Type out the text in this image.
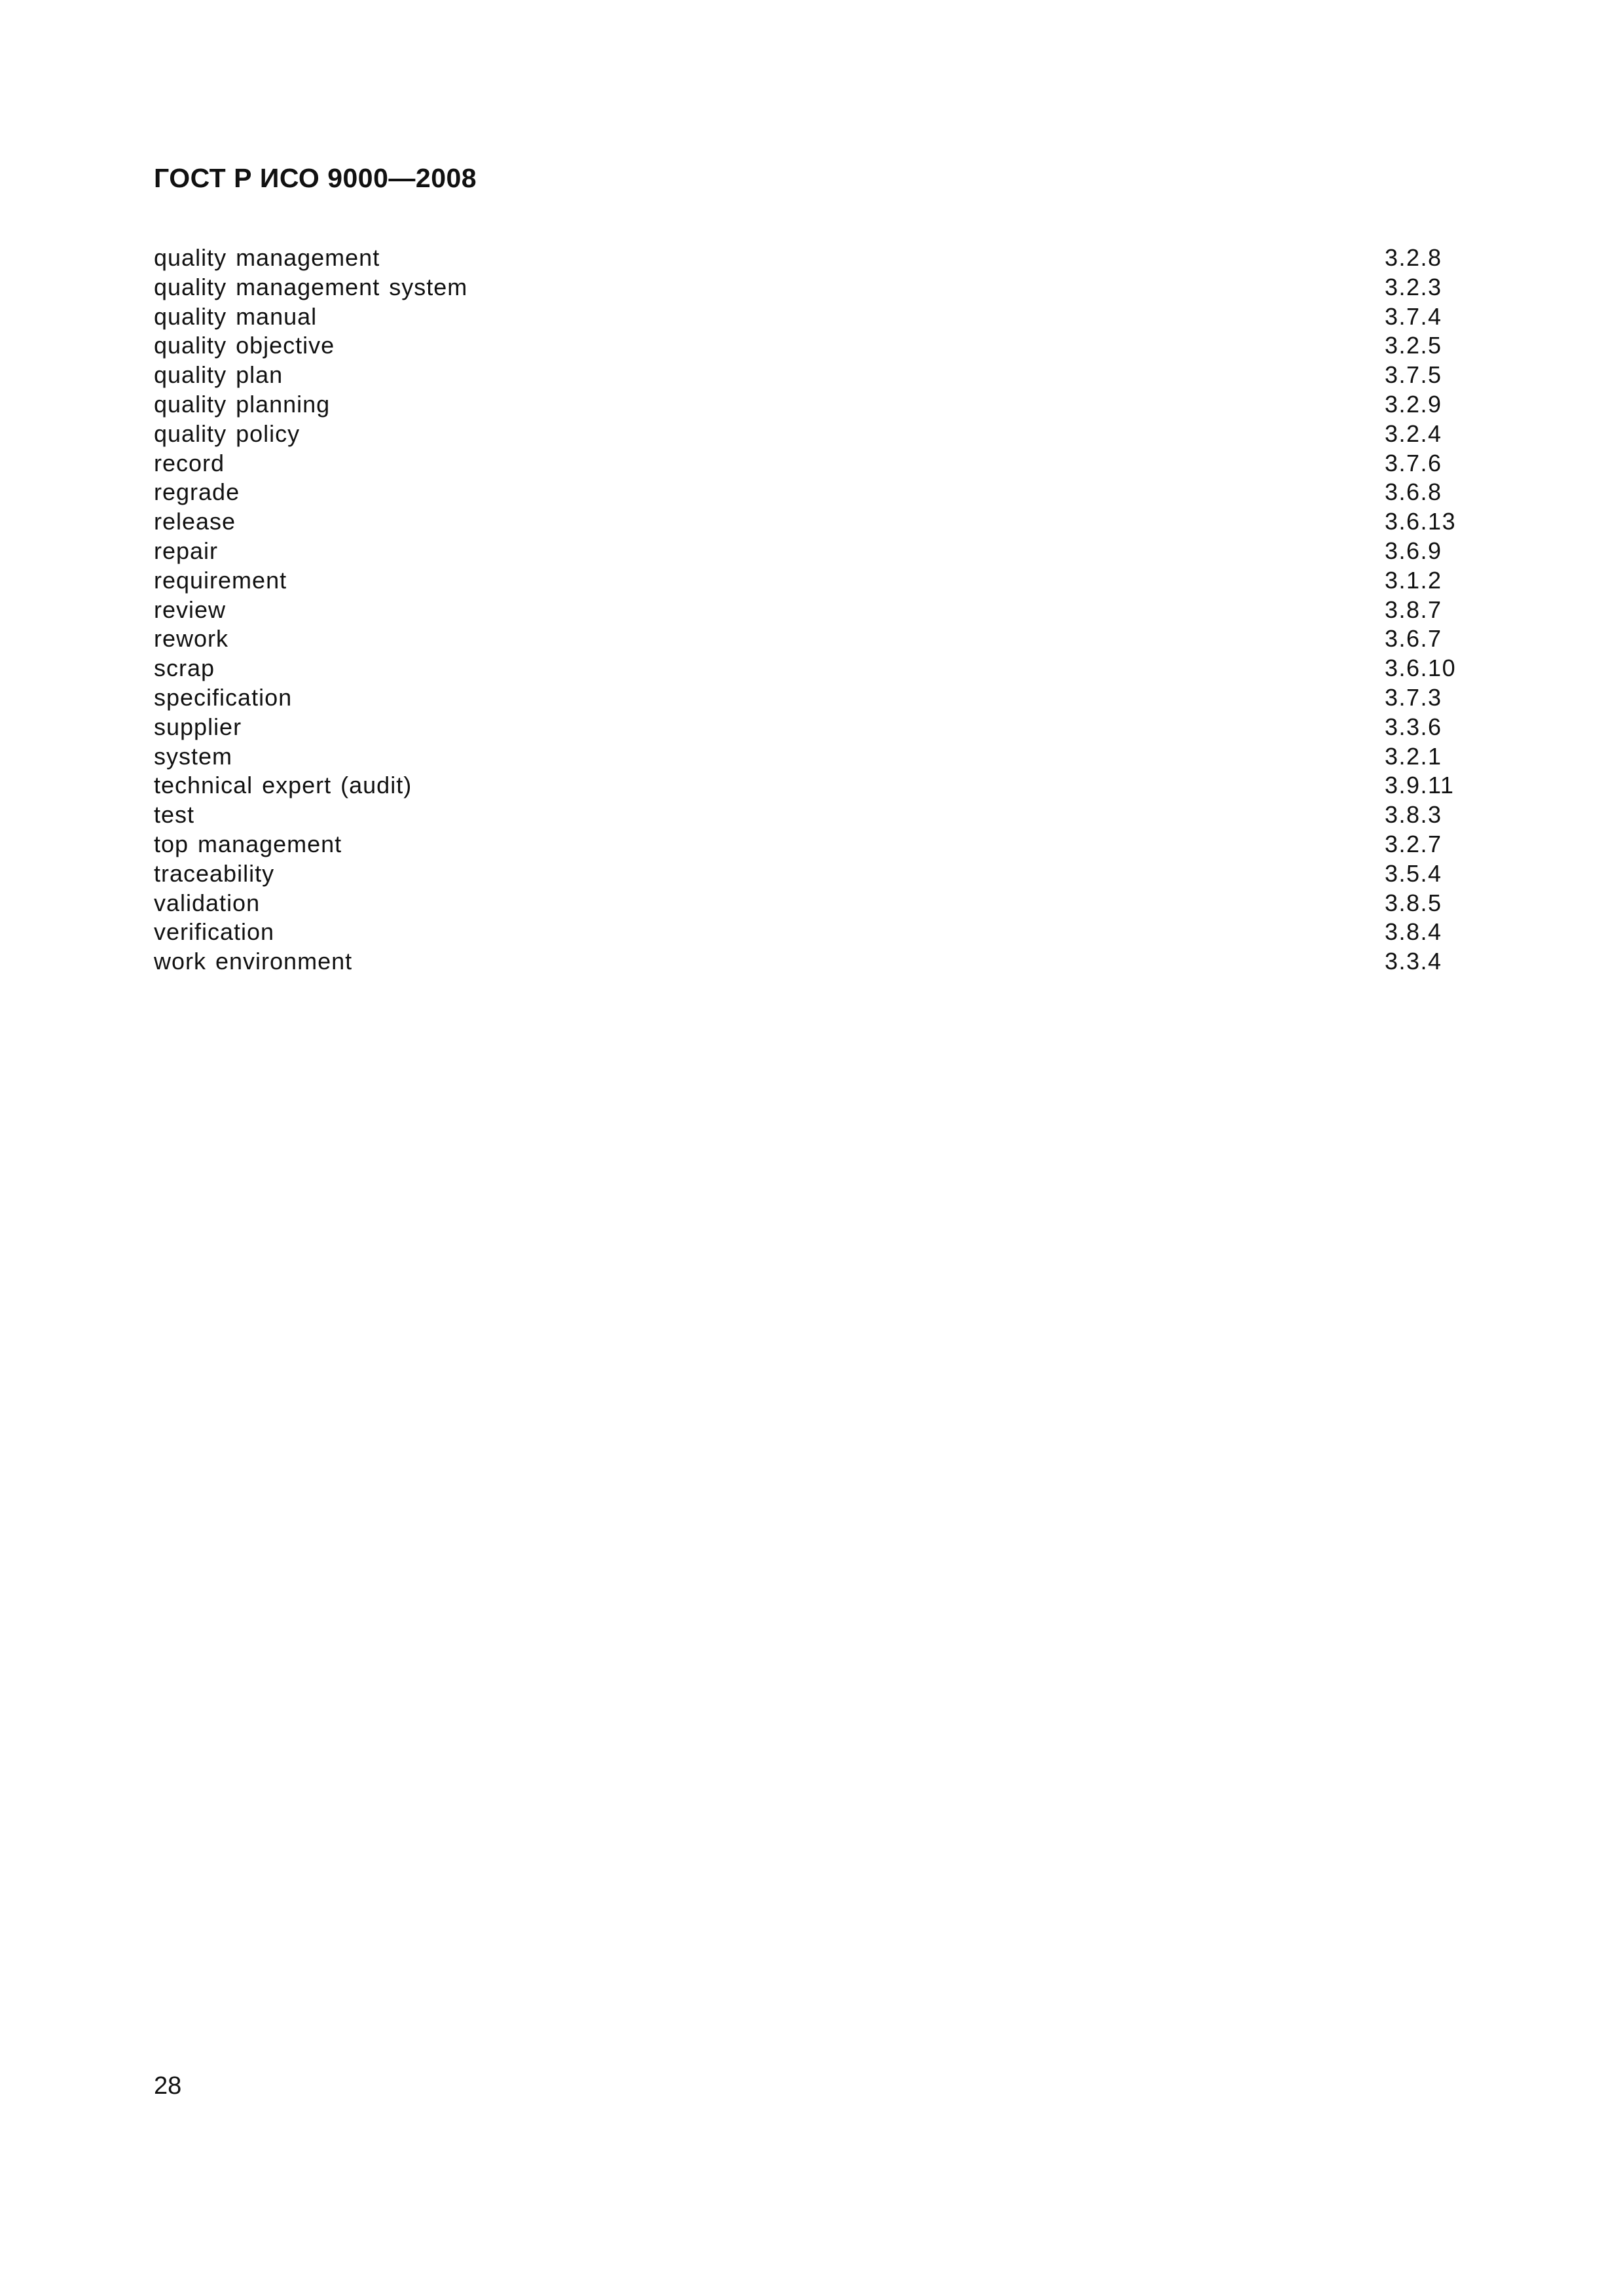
ГОСТ Р ИСО 9000—2008
quality management	3.2.8
quality management system	3.2.3
quality manual	3.7.4
quality objective	3.2.5
quality plan	3.7.5
quality planning	3.2.9
quality policy	3.2.4
record	3.7.6
regrade	3.6.8
release	3.6.13
repair	3.6.9
requirement	3.1.2
review	3.8.7
rework	3.6.7
scrap	3.6.10
specification	3.7.3
supplier	3.3.6
system	3.2.1
technical expert (audit)	3.9.11
test	3.8.3
top management	3.2.7
traceability	3.5.4
validation	3.8.5
verification	3.8.4
work environment	3.3.4
28
